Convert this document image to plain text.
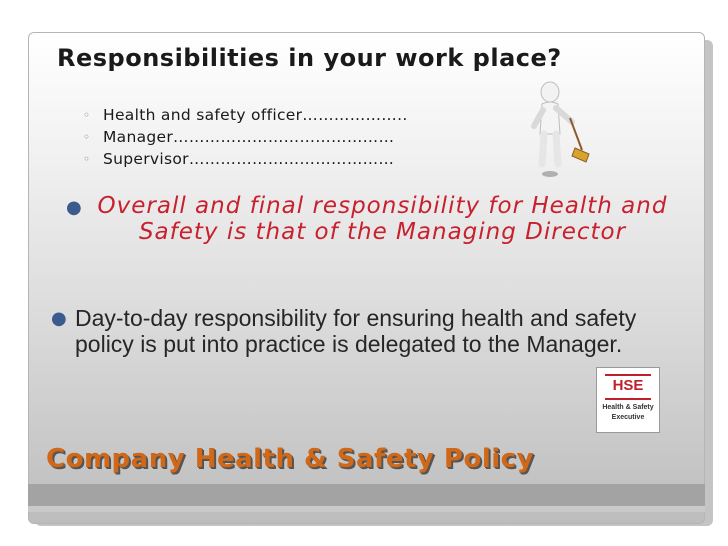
Responsibilities in your work place?
◦ Health and safety officer………………..
◦ Manager……………………………………
◦ Supervisor…………………………………
● Overall and final responsibility for Health and Safety is that of the Managing Director
● Day-to-day responsibility for ensuring health and safety policy is put into practice is delegated to the Manager.
HSE
Health & Safety
Executive
Company Health & Safety Policy
